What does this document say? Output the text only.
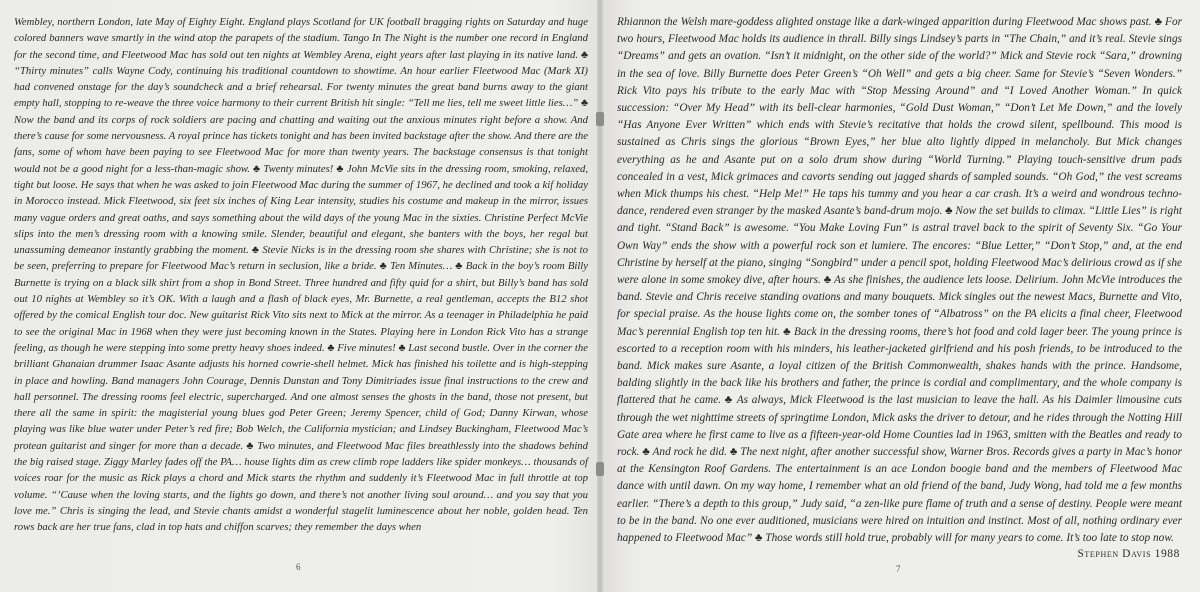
Wembley, northern London, late May of Eighty Eight. England plays Scotland for UK football bragging rights on Saturday and huge colored banners wave smartly in the wind atop the parapets of the stadium. Tango In The Night is the number one record in England for the second time, and Fleetwood Mac has sold out ten nights at Wembley Arena, eight years after last playing in its native land. ♣ “Thirty minutes” calls Wayne Cody, continuing his traditional countdown to showtime. An hour earlier Fleetwood Mac (Mark XI) had convened onstage for the day’s soundcheck and a brief rehearsal. For twenty minutes the great band burns away to the giant empty hall, stopping to re-weave the three voice harmony to their current British hit single: “Tell me lies, tell me sweet little lies…” ♣ Now the band and its corps of rock soldiers are pacing and chatting and waiting out the anxious minutes right before a show. And there’s cause for some nervousness. A royal prince has tickets tonight and has been invited backstage after the show. And there are the fans, some of whom have been paying to see Fleetwood Mac for more than twenty years. The backstage consensus is that tonight would not be a good night for a less-than-magic show. ♣ Twenty minutes! ♣ John McVie sits in the dressing room, smoking, relaxed, tight but loose. He says that when he was asked to join Fleetwood Mac during the summer of 1967, he declined and took a kif holiday in Morocco instead. Mick Fleetwood, six feet six inches of King Lear intensity, studies his costume and makeup in the mirror, issues many vague orders and great oaths, and says something about the wild days of the young Mac in the sixties. Christine Perfect McVie slips into the men’s dressing room with a knowing smile. Slender, beautiful and elegant, she banters with the boys, her regal but unassuming demeanor instantly grabbing the moment. ♣ Stevie Nicks is in the dressing room she shares with Christine; she is not to be seen, preferring to prepare for Fleetwood Mac’s return in seclusion, like a bride. ♣ Ten Minutes… ♣ Back in the boy’s room Billy Burnette is trying on a black silk shirt from a shop in Bond Street. Three hundred and fifty quid for a shirt, but Billy’s band has sold out 10 nights at Wembley so it’s OK. With a laugh and a flash of black eyes, Mr. Burnette, a real gentleman, accepts the B12 shot offered by the comical English tour doc. New guitarist Rick Vito sits next to Mick at the mirror. As a teenager in Philadelphia he paid to see the original Mac in 1968 when they were just becoming known in the States. Playing here in London Rick Vito has a strange feeling, as though he were stepping into some pretty heavy shoes indeed. ♣ Five minutes! ♣ Last second bustle. Over in the corner the brilliant Ghanaian drummer Isaac Asante adjusts his horned cowrie-shell helmet. Mick has finished his toilette and is high-stepping in place and howling. Band managers John Courage, Dennis Dunstan and Tony Dimitriades issue final instructions to the crew and hall personnel. The dressing rooms feel electric, supercharged. And one almost senses the ghosts in the band, those not present, but there all the same in spirit: the magisterial young blues god Peter Green; Jeremy Spencer, child of God; Danny Kirwan, whose playing was like blue water under Peter’s red fire; Bob Welch, the California mystician; and Lindsey Buckingham, Fleetwood Mac’s protean guitarist and singer for more than a decade. ♣ Two minutes, and Fleetwood Mac files breathlessly into the shadows behind the big raised stage. Ziggy Marley fades off the PA… house lights dim as crew climb rope ladders like spider monkeys… thousands of voices roar for the music as Rick plays a chord and Mick starts the rhythm and suddenly it’s Fleetwood Mac in full throttle at top volume. “’Cause when the loving starts, and the lights go down, and there’s not another living soul around… and you say that you love me.” Chris is singing the lead, and Stevie chants amidst a wonderful stagelit luminescence about her noble, golden head. Ten rows back are her true fans, clad in top hats and chiffon scarves; they remember the days when

6

Rhiannon the Welsh mare-goddess alighted onstage like a dark-winged apparition during Fleetwood Mac shows past. ♣ For two hours, Fleetwood Mac holds its audience in thrall. Billy sings Lindsey’s parts in “The Chain,” and it’s real. Stevie sings “Dreams” and gets an ovation. “Isn’t it midnight, on the other side of the world?” Mick and Stevie rock “Sara,” drowning in the sea of love. Billy Burnette does Peter Green’s “Oh Well” and gets a big cheer. Same for Stevie’s “Seven Wonders.” Rick Vito pays his tribute to the early Mac with “Stop Messing Around” and “I Loved Another Woman.” In quick succession: “Over My Head” with its bell-clear harmonies, “Gold Dust Woman,” “Don’t Let Me Down,” and the lovely “Has Anyone Ever Written” which ends with Stevie’s recitative that holds the crowd silent, spellbound. This mood is sustained as Chris sings the glorious “Brown Eyes,” her blue alto lightly dipped in melancholy. But Mick changes everything as he and Asante put on a solo drum show during “World Turning.” Playing touch-sensitive drum pads concealed in a vest, Mick grimaces and cavorts sending out jagged shards of sampled sounds. “Oh God,” the vest screams when Mick thumps his chest. “Help Me!” He taps his tummy and you hear a car crash. It’s a weird and wondrous techno-dance, rendered even stranger by the masked Asante’s band-drum mojo. ♣ Now the set builds to climax. “Little Lies” is right and tight. “Stand Back” is awesome. “You Make Loving Fun” is astral travel back to the spirit of Seventy Six. “Go Your Own Way” ends the show with a powerful rock son et lumiere. The encores: “Blue Letter,” “Don’t Stop,” and, at the end Christine by herself at the piano, singing “Songbird” under a pencil spot, holding Fleetwood Mac’s delirious crowd as if she were alone in some smokey dive, after hours. ♣ As she finishes, the audience lets loose. Delirium. John McVie introduces the band. Stevie and Chris receive standing ovations and many bouquets. Mick singles out the newest Macs, Burnette and Vito, for special praise. As the house lights come on, the somber tones of “Albatross” on the PA elicits a final cheer, Fleetwood Mac’s perennial English top ten hit. ♣ Back in the dressing rooms, there’s hot food and cold lager beer. The young prince is escorted to a reception room with his minders, his leather-jacketed girlfriend and his posh friends, to be introduced to the band. Mick makes sure Asante, a loyal citizen of the British Commonwealth, shakes hands with the prince. Handsome, balding slightly in the back like his brothers and father, the prince is cordial and complimentary, and the whole company is flattered that he came. ♣ As always, Mick Fleetwood is the last musician to leave the hall. As his Daimler limousine cuts through the wet nighttime streets of springtime London, Mick asks the driver to detour, and he rides through the Notting Hill Gate area where he first came to live as a fifteen-year-old Home Counties lad in 1963, smitten with the Beatles and ready to rock. ♣ And rock he did. ♣ The next night, after another successful show, Warner Bros. Records gives a party in Mac’s honor at the Kensington Roof Gardens. The entertainment is an ace London boogie band and the members of Fleetwood Mac dance with until dawn. On my way home, I remember what an old friend of the band, Judy Wong, had told me a few months earlier. “There’s a depth to this group,” Judy said, “a zen-like pure flame of truth and a sense of destiny. People were meant to be in the band. No one ever auditioned, musicians were hired on intuition and instinct. Most of all, nothing ordinary ever happened to Fleetwood Mac” ♣ Those words still hold true, probably will for many years to come. It’s too late to stop now.

Stephen Davis 1988
7
